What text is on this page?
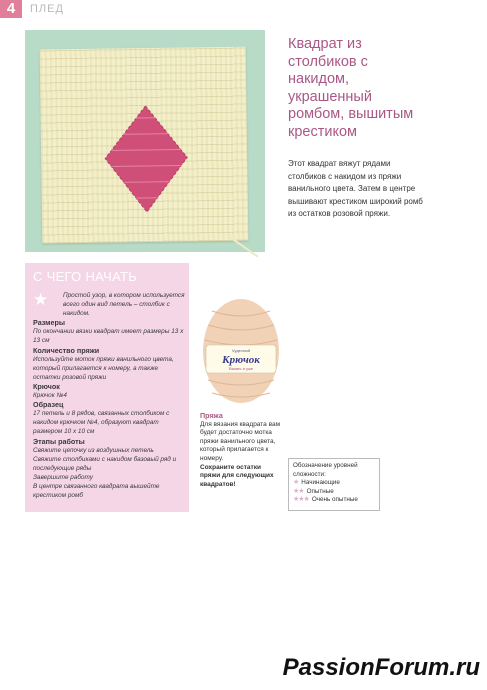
4	ПЛЕД
Квадрат из столбиков с накидом, украшенный ромбом, вышитым крестиком
Этот квадрат вяжут рядами столбиков с накидом из пряжи ванильного цвета. Затем в центре вышивают крестиком широкий ромб из остатков розовой пряжи.
С ЧЕГО НАЧАТЬ
★	Простой узор, в котором используется всего один вид петель – столбик с накидом.
Размеры
По окончании вязки квадрат имеет размеры 13 х 13 см
Количество пряжи
Используйте моток пряжи ванильного цвета, который прилагается к номеру, а также остатки розовой пряжи
Крючок
Крючок №4
Образец
17 петель и 8 рядов, связанных столбиком с накидом крючком №4, образуют квадрат размером 10 х 10 см
Этапы работы
Свяжите цепочку из воздушных петель
Свяжите столбиками с накидом базовый ряд и последующие ряды
Завершите работу
В центре связанного квадрата вышейте крестиком ромб
Чудесный
Крючок
Вязать и уже
Пряжа
Для вязания квадрата вам будет достаточно мотка пряжи ванильного цвета, который прилагается к номеру.
Сохраните остатки пряжи для следующих квадратов!
Обозначение уровней сложности:
★ Начинающие
★★ Опытные
★★★ Очень опытные
PassionForum.ru
